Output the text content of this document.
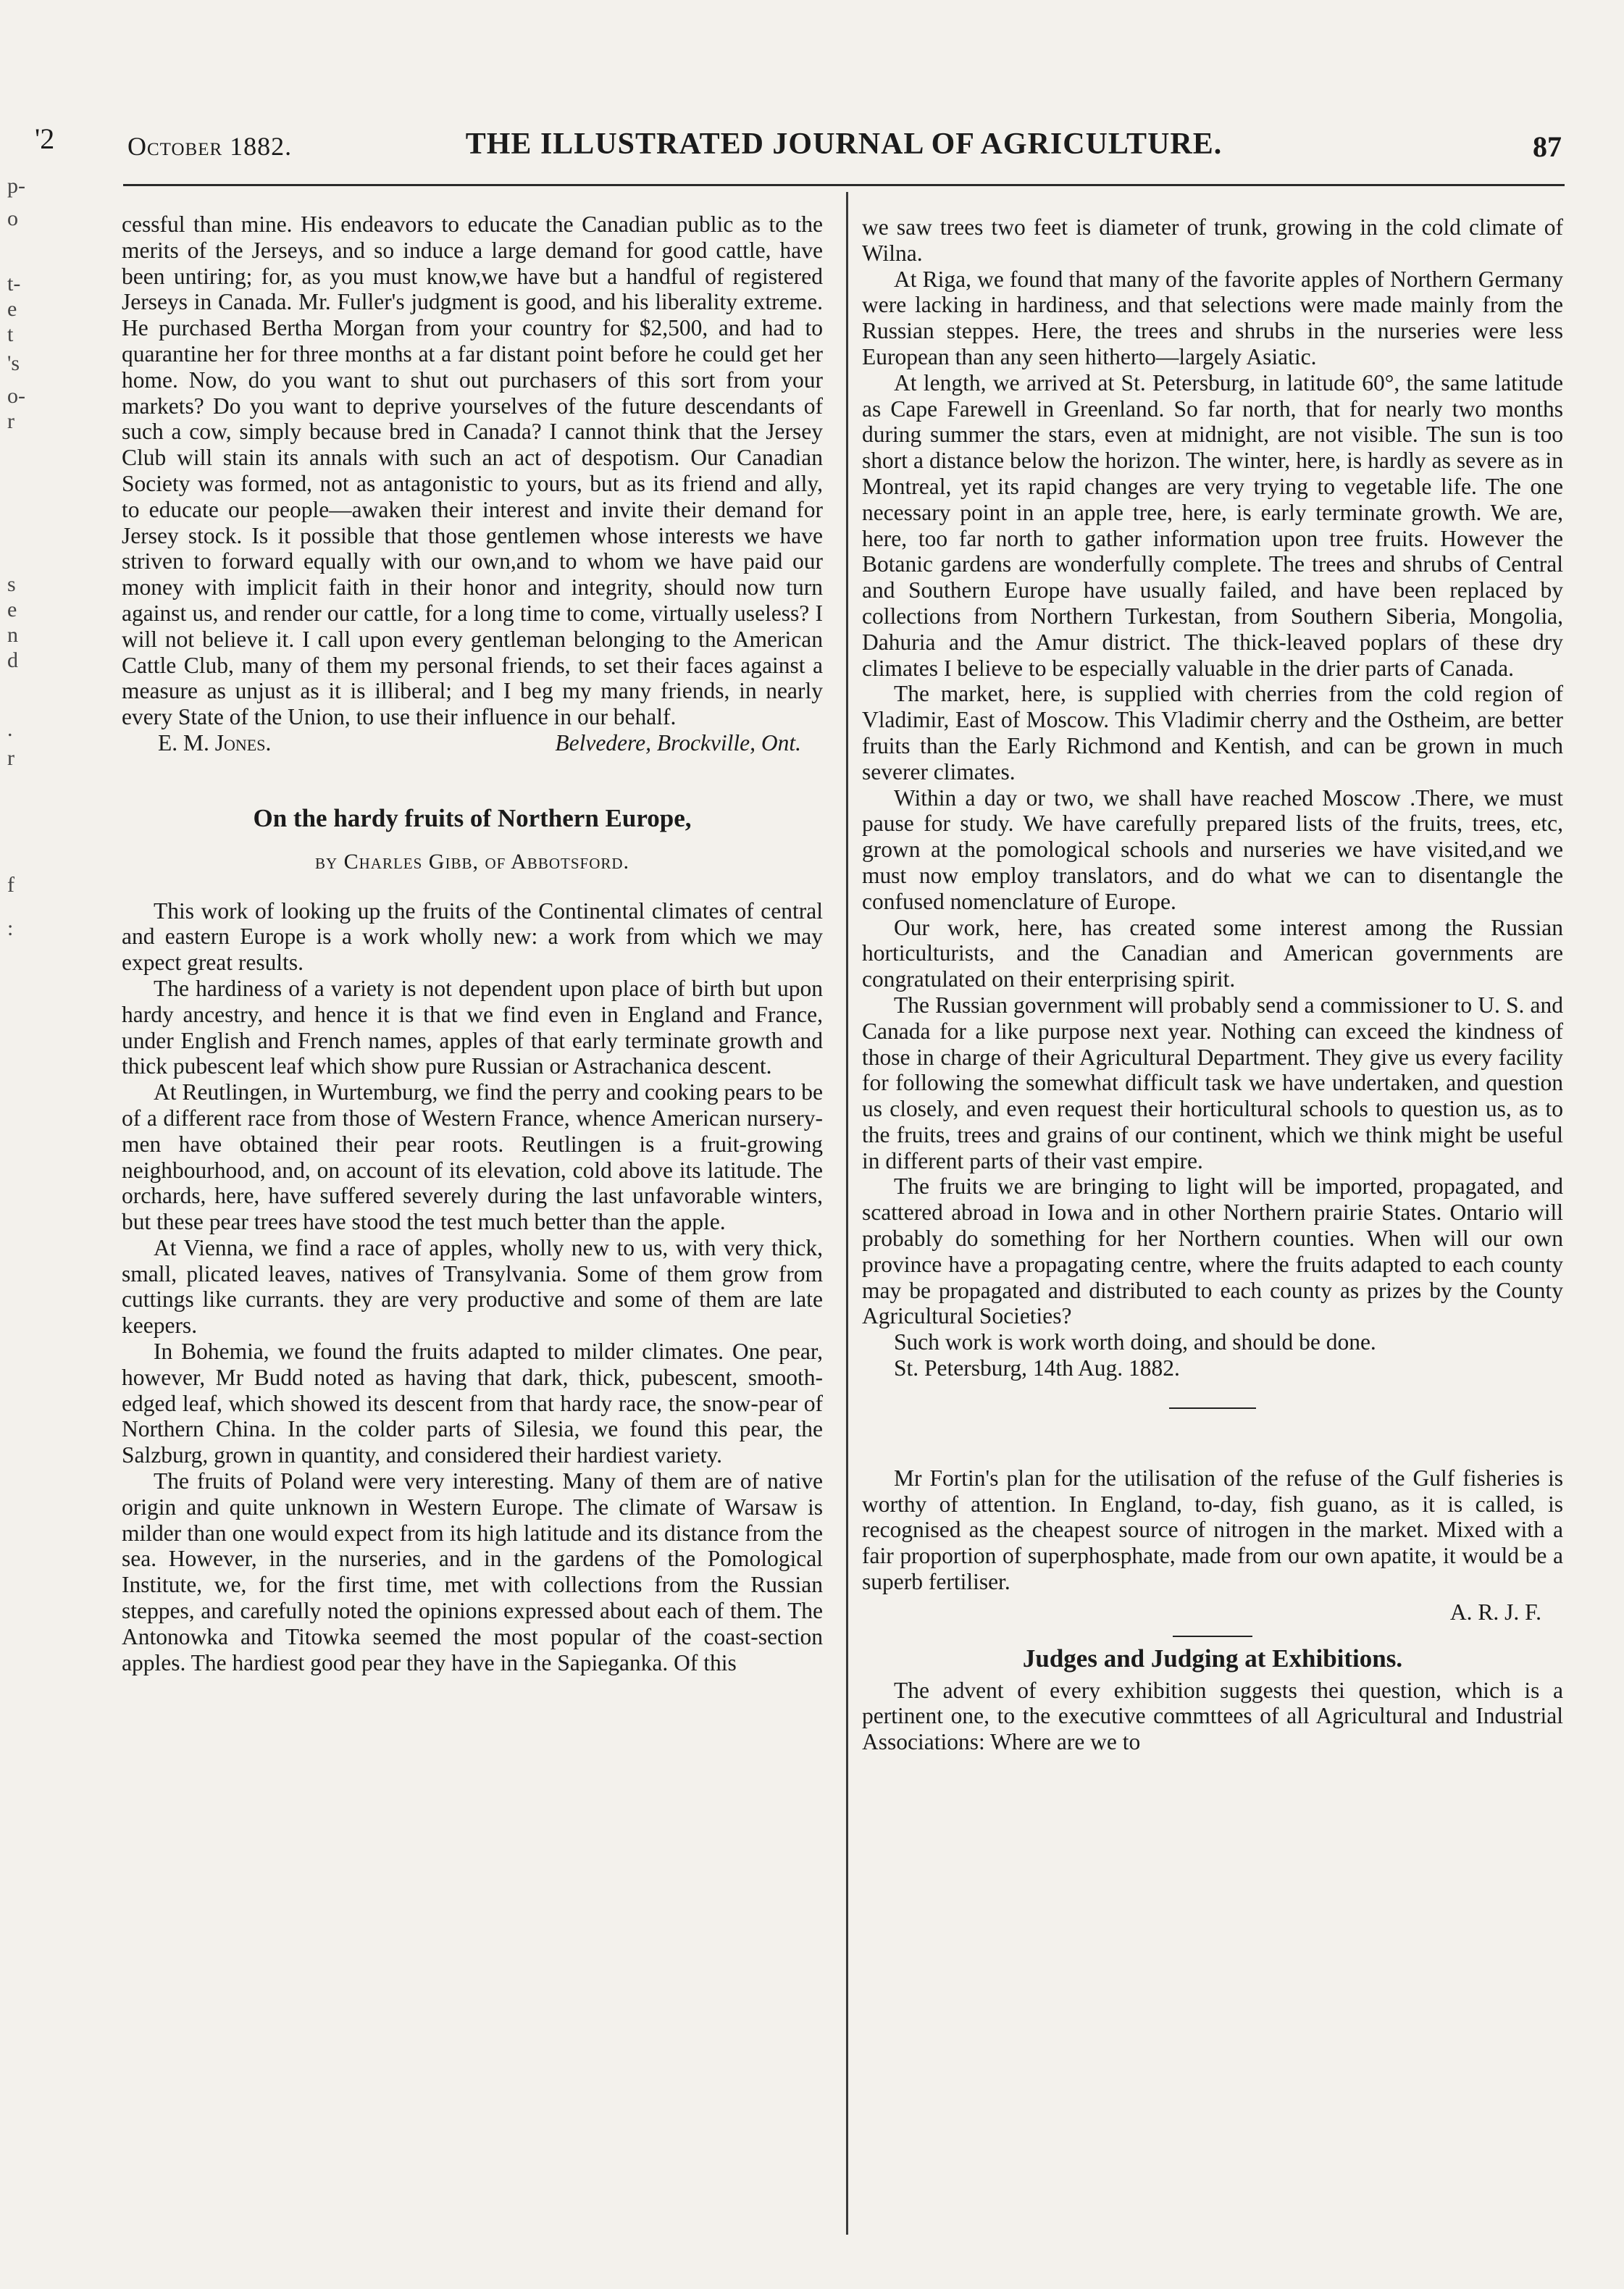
'2
p-
o
t-
e
t
's
o-
r
s
e
n
d
.
r
f
:
October 1882.	THE ILLUSTRATED JOURNAL OF AGRICULTURE.	87

cessful than mine. His endeavors to educate the Canadian public as to the merits of the Jerseys, and so induce a large demand for good cattle, have been untiring; for, as you must know,we have but a handful of registered Jerseys in Canada. Mr. Fuller's judgment is good, and his liberality extreme. He purchased Bertha Morgan from your country for $2,500, and had to quarantine her for three months at a far distant point before he could get her home. Now, do you want to shut out purchasers of this sort from your markets? Do you want to deprive yourselves of the future descendants of such a cow, simply because bred in Canada? I cannot think that the Jersey Club will stain its annals with such an act of despotism. Our Canadian Society was formed, not as antagonistic to yours, but as its friend and ally, to educate our people—awaken their interest and invite their demand for Jersey stock. Is it possible that those gentlemen whose interests we have striven to forward equally with our own,and to whom we have paid our money with implicit faith in their honor and integrity, should now turn against us, and render our cattle, for a long time to come, virtually useless? I will not believe it. I call upon every gentleman belonging to the American Cattle Club, many of them my personal friends, to set their faces against a measure as unjust as it is illiberal; and I beg my many friends, in nearly every State of the Union, to use their influence in our behalf.

E. M. Jones.	Belvedere, Brockville, Ont.
On the hardy fruits of Northern Europe,
by Charles Gibb, of Abbotsford.

This work of looking up the fruits of the Continental climates of central and eastern Europe is a work wholly new: a work from which we may expect great results.

The hardiness of a variety is not dependent upon place of birth but upon hardy ancestry, and hence it is that we find even in England and France, under English and French names, apples of that early terminate growth and thick pubescent leaf which show pure Russian or Astrachanica descent.

At Reutlingen, in Wurtemburg, we find the perry and cooking pears to be of a different race from those of Western France, whence American nursery-men have obtained their pear roots. Reutlingen is a fruit-growing neighbourhood, and, on account of its elevation, cold above its latitude. The orchards, here, have suffered severely during the last unfavorable winters, but these pear trees have stood the test much better than the apple.

At Vienna, we find a race of apples, wholly new to us, with very thick, small, plicated leaves, natives of Transylvania. Some of them grow from cuttings like currants. they are very productive and some of them are late keepers.

In Bohemia, we found the fruits adapted to milder climates. One pear, however, Mr Budd noted as having that dark, thick, pubescent, smooth-edged leaf, which showed its descent from that hardy race, the snow-pear of Northern China. In the colder parts of Silesia, we found this pear, the Salzburg, grown in quantity, and considered their hardiest variety.

The fruits of Poland were very interesting. Many of them are of native origin and quite unknown in Western Europe. The climate of Warsaw is milder than one would expect from its high latitude and its distance from the sea. However, in the nurseries, and in the gardens of the Pomological Institute, we, for the first time, met with collections from the Russian steppes, and carefully noted the opinions expressed about each of them. The Antonowka and Titowka seemed the most popular of the coast-section apples. The hardiest good pear they have in the Sapieganka. Of this

we saw trees two feet is diameter of trunk, growing in the cold climate of Wilna.

At Riga, we found that many of the favorite apples of Northern Germany were lacking in hardiness, and that selections were made mainly from the Russian steppes. Here, the trees and shrubs in the nurseries were less European than any seen hitherto—largely Asiatic.

At length, we arrived at St. Petersburg, in latitude 60°, the same latitude as Cape Farewell in Greenland. So far north, that for nearly two months during summer the stars, even at midnight, are not visible. The sun is too short a distance below the horizon. The winter, here, is hardly as severe as in Montreal, yet its rapid changes are very trying to vegetable life. The one necessary point in an apple tree, here, is early terminate growth. We are, here, too far north to gather information upon tree fruits. However the Botanic gardens are wonderfully complete. The trees and shrubs of Central and Southern Europe have usually failed, and have been replaced by collections from Northern Turkestan, from Southern Siberia, Mongolia, Dahuria and the Amur district. The thick-leaved poplars of these dry climates I believe to be especially valuable in the drier parts of Canada.

The market, here, is supplied with cherries from the cold region of Vladimir, East of Moscow. This Vladimir cherry and the Ostheim, are better fruits than the Early Richmond and Kentish, and can be grown in much severer climates.

Within a day or two, we shall have reached Moscow .There, we must pause for study. We have carefully prepared lists of the fruits, trees, etc, grown at the pomological schools and nurseries we have visited,and we must now employ translators, and do what we can to disentangle the confused nomenclature of Europe.

Our work, here, has created some interest among the Russian horticulturists, and the Canadian and American governments are congratulated on their enterprising spirit.

The Russian government will probably send a commissioner to U. S. and Canada for a like purpose next year. Nothing can exceed the kindness of those in charge of their Agricultural Department. They give us every facility for following the somewhat difficult task we have undertaken, and question us closely, and even request their horticultural schools to question us, as to the fruits, trees and grains of our continent, which we think might be useful in different parts of their vast empire.

The fruits we are bringing to light will be imported, propagated, and scattered abroad in Iowa and in other Northern prairie States. Ontario will probably do something for her Northern counties. When will our own province have a propagating centre, where the fruits adapted to each county may be propagated and distributed to each county as prizes by the County Agricultural Societies?

Such work is work worth doing, and should be done.

St. Petersburg, 14th Aug. 1882.

Mr Fortin's plan for the utilisation of the refuse of the Gulf fisheries is worthy of attention. In England, to-day, fish guano, as it is called, is recognised as the cheapest source of nitrogen in the market. Mixed with a fair proportion of superphosphate, made from our own apatite, it would be a superb fertiliser.

A. R. J. F.
Judges and Judging at Exhibitions.

The advent of every exhibition suggests thei question, which is a pertinent one, to the executive commttees of all Agricultural and Industrial Associations: Where are we to
